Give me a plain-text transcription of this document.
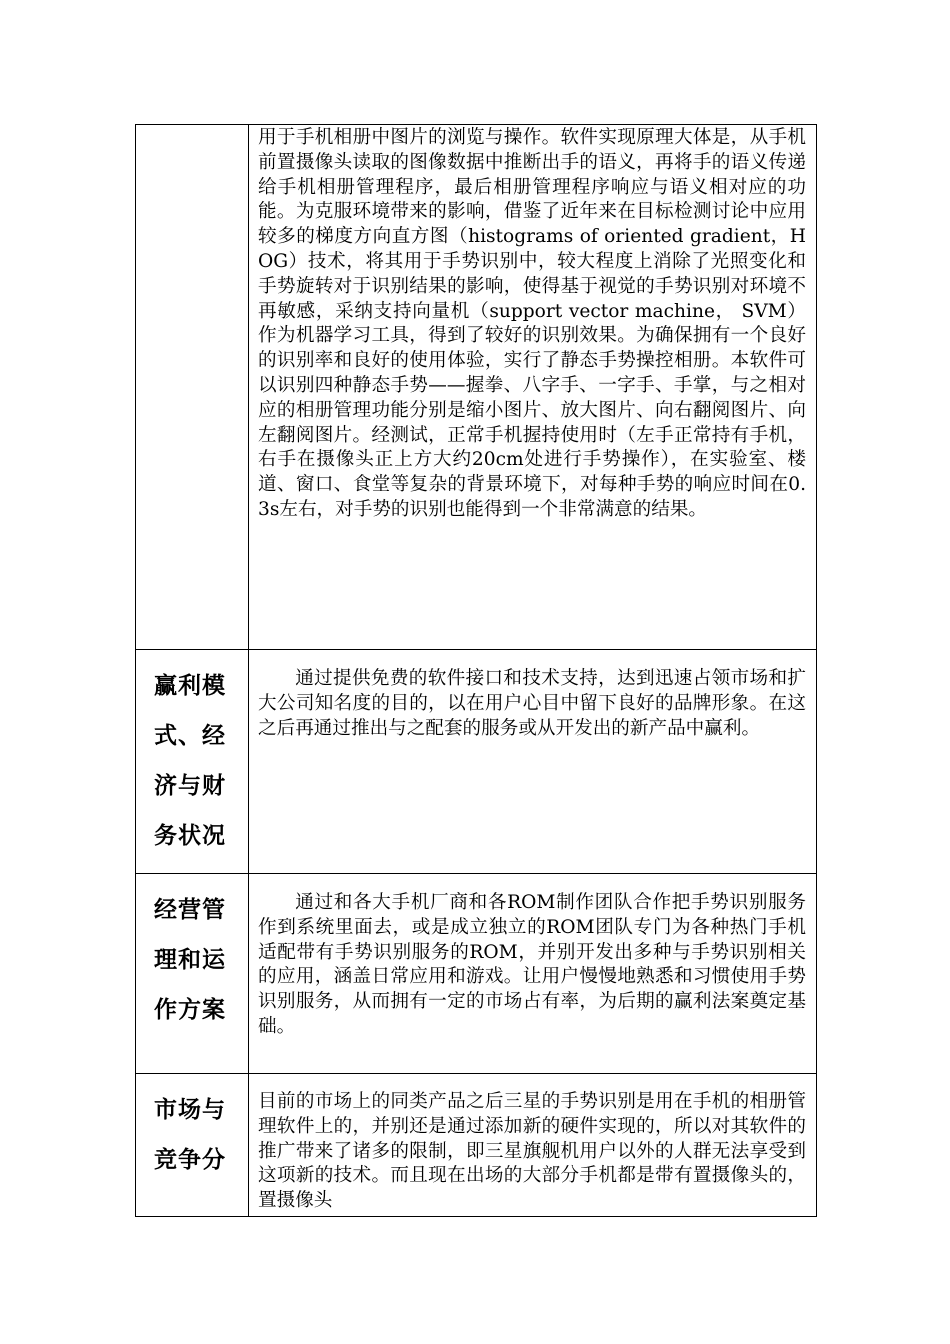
	用于手机相册中图片的浏览与操作。软件实现原理大体是，从手机前置摄像头读取的图像数据中推断出手的语义，再将手的语义传递给手机相册管理程序，最后相册管理程序响应与语义相对应的功能。为克服环境带来的影响，借鉴了近年来在目标检测讨论中应用较多的梯度方向直方图（histograms of oriented gradient，HOG）技术，将其用于手势识别中，较大程度上消除了光照变化和手势旋转对于识别结果的影响，使得基于视觉的手势识别对环境不再敏感，采纳支持向量机（support vector machine， SVM）作为机器学习工具，得到了较好的识别效果。为确保拥有一个良好的识别率和良好的使用体验，实行了静态手势操控相册。本软件可以识别四种静态手势——握拳、八字手、一字手、手掌，与之相对应的相册管理功能分别是缩小图片、放大图片、向右翻阅图片、向左翻阅图片。经测试，正常手机握持使用时（左手正常持有手机，右手在摄像头正上方大约20cm处进行手势操作），在实验室、楼道、窗口、食堂等复杂的背景环境下，对每种手势的响应时间在0.3s左右，对手势的识别也能得到一个非常满意的结果。

赢利模式、经济与财务状况	通过提供免费的软件接口和技术支持，达到迅速占领市场和扩大公司知名度的目的，以在用户心目中留下良好的品牌形象。在这之后再通过推出与之配套的服务或从开发出的新产品中赢利。

经营管理和运作方案	通过和各大手机厂商和各ROM制作团队合作把手势识别服务作到系统里面去，或是成立独立的ROM团队专门为各种热门手机适配带有手势识别服务的ROM，并别开发出多种与手势识别相关的应用，涵盖日常应用和游戏。让用户慢慢地熟悉和习惯使用手势识别服务，从而拥有一定的市场占有率，为后期的赢利法案奠定基础。

市场与竞争分	目前的市场上的同类产品之后三星的手势识别是用在手机的相册管理软件上的，并别还是通过添加新的硬件实现的，所以对其软件的推广带来了诸多的限制，即三星旗舰机用户以外的人群无法享受到这项新的技术。而且现在出场的大部分手机都是带有置摄像头的，置摄像头
